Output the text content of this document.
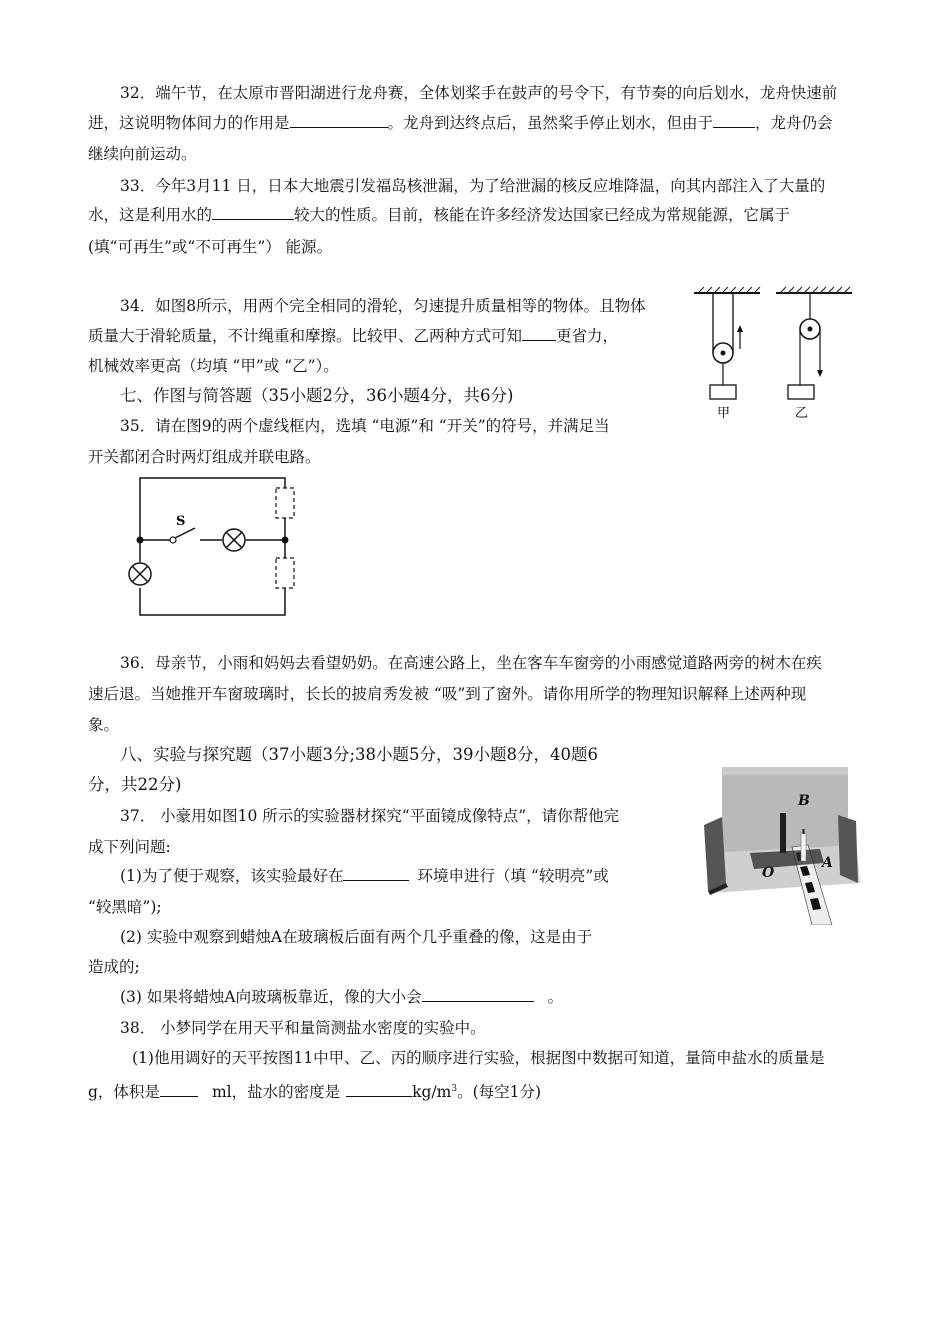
32．端午节，在太原市晋阳湖进行龙舟赛，全体划桨手在鼓声的号令下，有节奏的向后划水，龙舟快速前
进，这说明物体间力的作用是	。龙舟到达终点后，虽然桨手停止划水，但由于	，龙舟仍会
继续向前运动。
33．今年3月11 日，日本大地震引发福岛核泄漏，为了给泄漏的核反应堆降温，向其内部注入了大量的
水，这是利用水的	较大的性质。目前，核能在许多经济发达国家已经成为常规能源，它属于
(填“可再生”或“不可再生”） 能源。
34．如图8所示，用两个完全相同的滑轮，匀速提升质量相等的物体。且物体
质量大于滑轮质量，不计绳重和摩擦。比较甲、乙两种方式可知 更省力，
机械效率更高（均填 “甲”或 “乙”）。
甲	乙
七、作图与简答题（35小题2分，36小题4分，共6分)
35．请在图9的两个虚线框内，选填 “电源”和 “开关”的符号，并满足当
开关都闭合时两灯组成并联电路。
S
36．母亲节，小雨和妈妈去看望奶奶。在高速公路上，坐在客车车窗旁的小雨感觉道路两旁的树木在疾
速后退。当她推开车窗玻璃时，长长的披肩秀发被 “吸”到了窗外。请你用所学的物理知识解释上述两种现
象。
八、实验与探究题（37小题3分;38小题5分，39小题8分，40题6
分，共22分)
37． 小豪用如图10 所示的实验器材探究“平面镜成像特点”，请你帮他完
成下列问题:
(1)为了便于观察，该实验最好在	环境申进行（填 “较明亮”或
“较黑暗”);
(2) 实验中观察到蜡烛A在玻璃板后面有两个几乎重叠的像，这是由于
造成的;
(3) 如果将蜡烛A向玻璃板靠近，像的大小会	。
B
O
A
38． 小梦同学在用天平和量筒测盐水密度的实验中。
(1)他用调好的天平按图11中甲、乙、丙的顺序进行实验，根据图中数据可知道，量筒申盐水的质量是
g，体积是	ml，盐水的密度是	$kg/m^3$。(每空1分)
